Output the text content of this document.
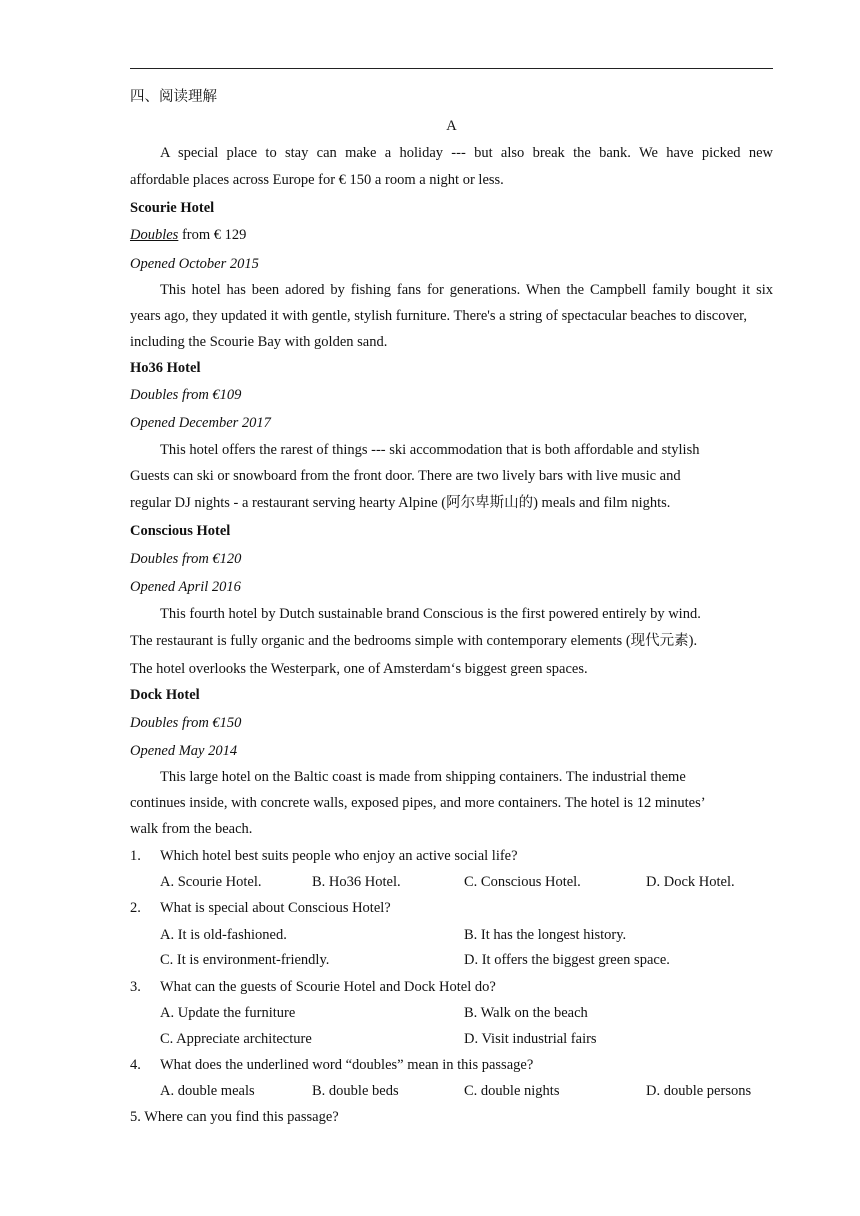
四、阅读理解
A
A special place to stay can make a holiday --- but also break the bank. We have picked new
affordable places across Europe for € 150 a room a night or less.
Scourie Hotel
Doubles from € 129
Opened October 2015
This hotel has been adored by fishing fans for generations. When the Campbell family bought it six
years ago, they updated it with gentle, stylish furniture. There's a string of spectacular beaches to discover,
including the Scourie Bay with golden sand.
Ho36 Hotel
Doubles from €109
Opened December 2017
This hotel offers the rarest of things --- ski accommodation that is both affordable and stylish
Guests can ski or snowboard from the front door. There are two lively bars with live music and
regular DJ nights - a restaurant serving hearty Alpine (阿尔卑斯山的) meals and film nights.
Conscious Hotel
Doubles from €120
Opened April 2016
This fourth hotel by Dutch sustainable brand Conscious is the first powered entirely by wind.
The restaurant is fully organic and the bedrooms simple with contemporary elements (现代元素).
The hotel overlooks the Westerpark, one of Amsterdam‘s biggest green spaces.
Dock Hotel
Doubles from €150
Opened May 2014
This large hotel on the Baltic coast is made from shipping containers. The industrial theme
continues inside, with concrete walls, exposed pipes, and more containers. The hotel is 12 minutes’
walk from the beach.
1. Which hotel best suits people who enjoy an active social life?
A. Scourie Hotel.	B. Ho36 Hotel.	C. Conscious Hotel.	D. Dock Hotel.
2. What is special about Conscious Hotel?
A. It is old-fashioned.	B. It has the longest history.
C. It is environment-friendly.	D. It offers the biggest green space.
3. What can the guests of Scourie Hotel and Dock Hotel do?
A. Update the furniture	B. Walk on the beach
C. Appreciate architecture	D. Visit industrial fairs
4. What does the underlined word “doubles” mean in this passage?
A. double meals	B. double beds	C. double nights	D. double persons
5. Where can you find this passage?
